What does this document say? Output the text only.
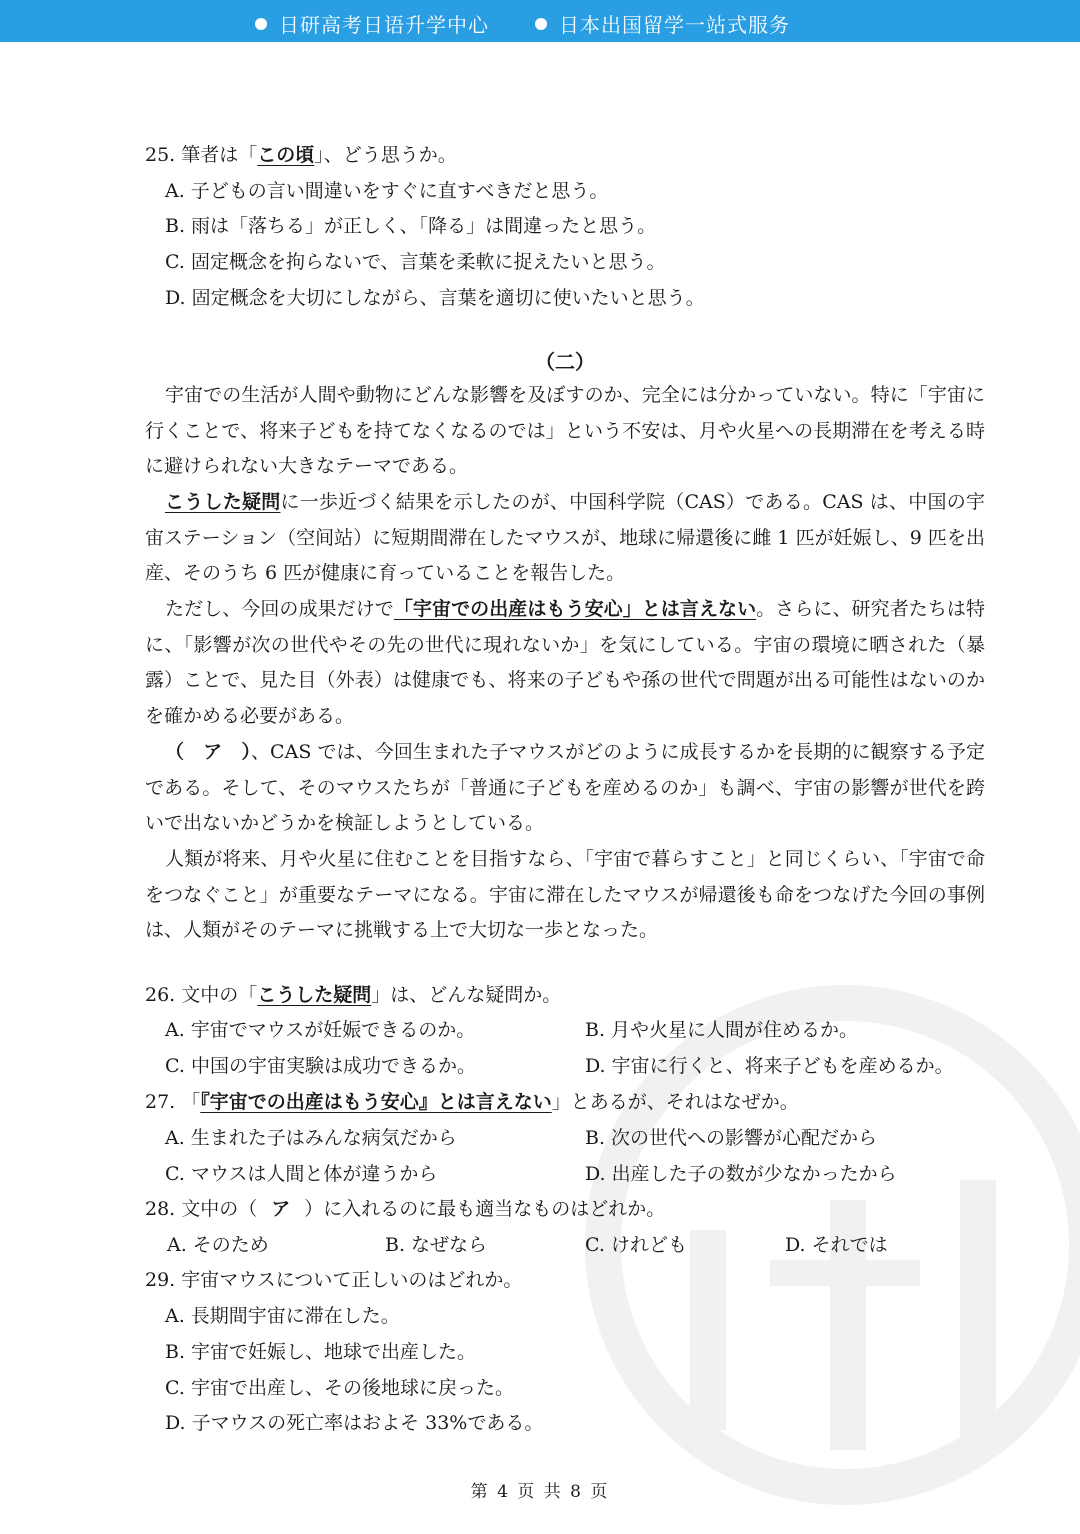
日研高考日语升学中心	日本出国留学一站式服务
25. 筆者は「この頃」、どう思うか。
A. 子どもの言い間違いをすぐに直すべきだと思う。
B. 雨は「落ちる」が正しく、「降る」は間違ったと思う。
C. 固定概念を拘らないで、言葉を柔軟に捉えたいと思う。
D. 固定概念を大切にしながら、言葉を適切に使いたいと思う。
（二）
宇宙での生活が人間や動物にどんな影響を及ぼすのか、完全には分かっていない。特に「宇宙に行くことで、将来子どもを持てなくなるのでは」という不安は、月や火星への長期滞在を考える時に避けられない大きなテーマである。
こうした疑問に一歩近づく結果を示したのが、中国科学院（CAS）である。CAS は、中国の宇宙ステーション（空间站）に短期間滞在したマウスが、地球に帰還後に雌 1 匹が妊娠し、9 匹を出産、そのうち 6 匹が健康に育っていることを報告した。
ただし、今回の成果だけで「宇宙での出産はもう安心」とは言えない。さらに、研究者たちは特に、「影響が次の世代やその先の世代に現れないか」を気にしている。宇宙の環境に晒された（暴露）ことで、見た目（外表）は健康でも、将来の子どもや孫の世代で問題が出る可能性はないのかを確かめる必要がある。
（　ア　）、CAS では、今回生まれた子マウスがどのように成長するかを長期的に観察する予定である。そして、そのマウスたちが「普通に子どもを産めるのか」も調べ、宇宙の影響が世代を跨いで出ないかどうかを検証しようとしている。
人類が将来、月や火星に住むことを目指すなら、「宇宙で暮らすこと」と同じくらい、「宇宙で命をつなぐこと」が重要なテーマになる。宇宙に滞在したマウスが帰還後も命をつなげた今回の事例は、人類がそのテーマに挑戦する上で大切な一歩となった。
26. 文中の「こうした疑問」は、どんな疑問か。
A. 宇宙でマウスが妊娠できるのか。	B. 月や火星に人間が住めるか。
C. 中国の宇宙実験は成功できるか。	D. 宇宙に行くと、将来子どもを産めるか。
27. 「『宇宙での出産はもう安心』とは言えない」とあるが、それはなぜか。
A. 生まれた子はみんな病気だから	B. 次の世代への影響が心配だから
C. マウスは人間と体が違うから	D. 出産した子の数が少なかったから
28. 文中の（ ア ）に入れるのに最も適当なものはどれか。
A. そのため	B. なぜなら	C. けれども	D. それでは
29. 宇宙マウスについて正しいのはどれか。
A. 長期間宇宙に滞在した。
B. 宇宙で妊娠し、地球で出産した。
C. 宇宙で出産し、その後地球に戻った。
D. 子マウスの死亡率はおよそ 33%である。
第 4 页 共 8 页
